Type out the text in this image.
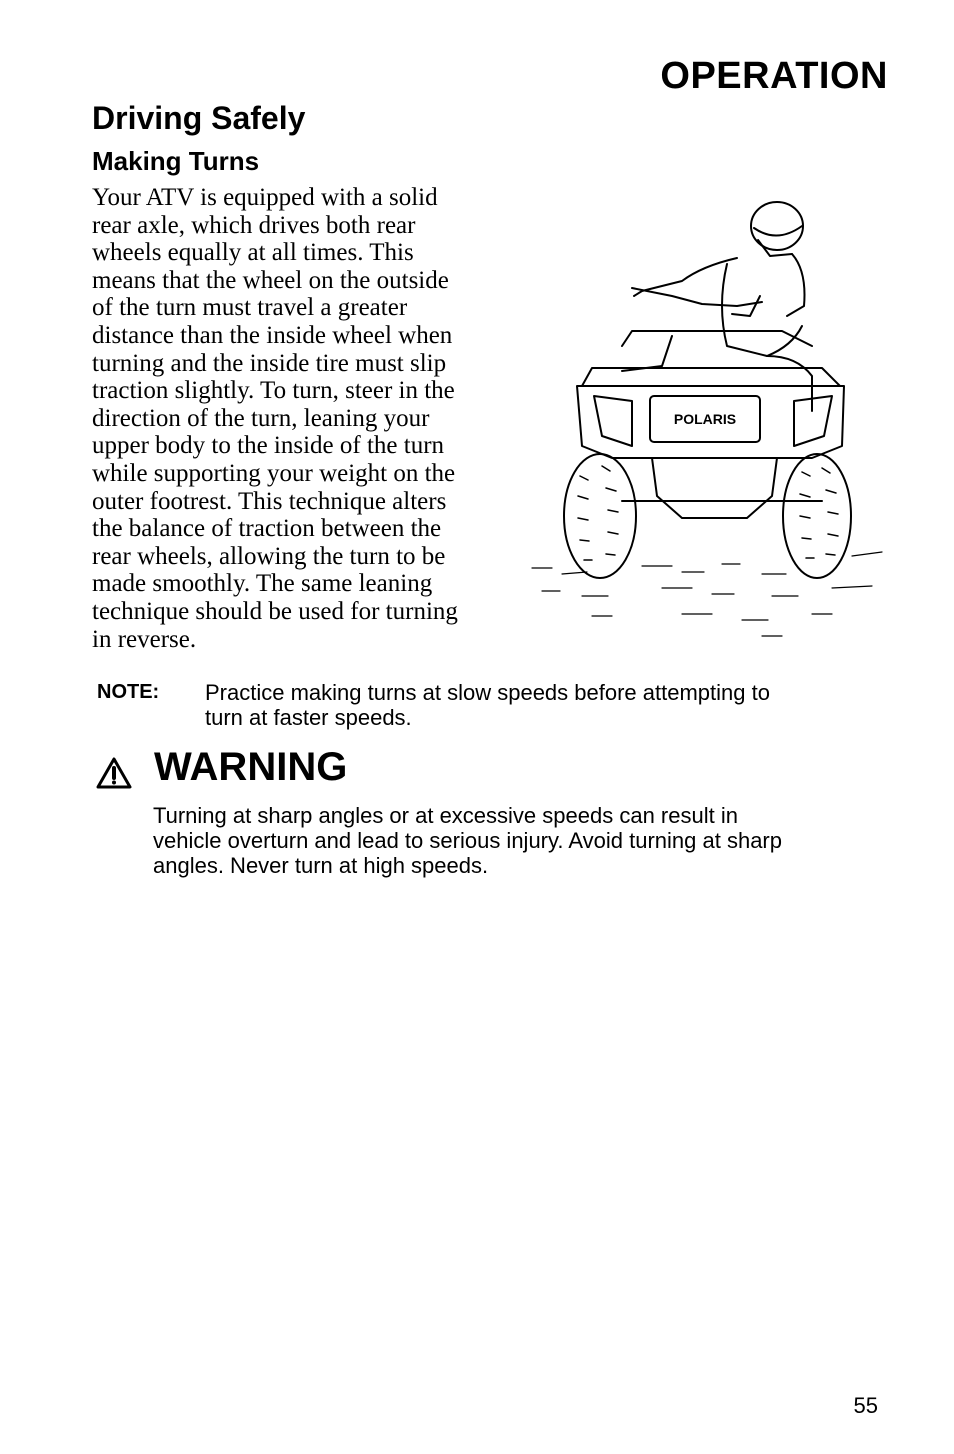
OPERATION
Driving Safely
Making Turns
Your ATV is equipped with a solid
rear axle, which drives both rear
wheels equally at all times. This
means that the wheel on the outside
of the turn must travel a greater
distance than the inside wheel when
turning and the inside tire must slip
traction slightly. To turn, steer in the
direction of the turn, leaning your
upper body to the inside of the turn
while supporting your weight on the
outer footrest. This technique alters
the balance of traction between the
rear wheels, allowing the turn to be
made smoothly. The same leaning
technique should be used for turning
in reverse.
POLARIS
NOTE: Practice making turns at slow speeds before attempting to
turn at faster speeds.
WARNING
Turning at sharp angles or at excessive speeds can result in
vehicle overturn and lead to serious injury. Avoid turning at sharp
angles. Never turn at high speeds.
55
